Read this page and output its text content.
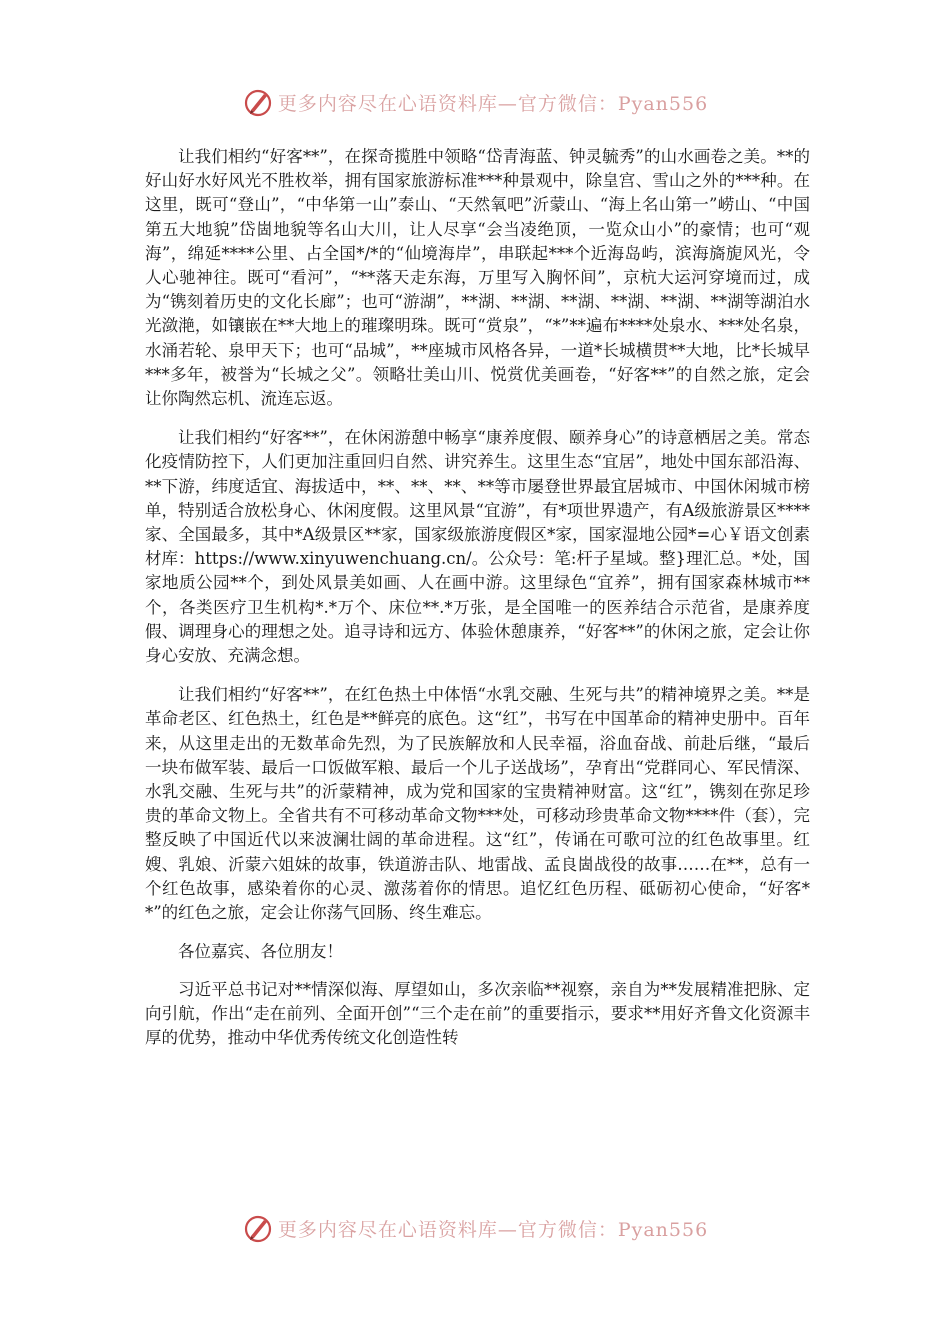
更多内容尽在心语资料库—官方微信：Pyan556

让我们相约“好客**”，在探奇揽胜中领略“岱青海蓝、钟灵毓秀”的山水画卷之美。**的好山好水好风光不胜枚举，拥有国家旅游标准***种景观中，除皇宫、雪山之外的***种。在这里，既可“登山”，“中华第一山”泰山、“天然氧吧”沂蒙山、“海上名山第一”崂山、“中国第五大地貌”岱崮地貌等名山大川，让人尽享“会当凌绝顶，一览众山小”的豪情；也可“观海”，绵延****公里、占全国*/*的“仙境海岸”，串联起***个近海岛屿，滨海旖旎风光，令人心驰神往。既可“看河”，“**落天走东海，万里写入胸怀间”，京杭大运河穿境而过，成为“镌刻着历史的文化长廊”；也可“游湖”，**湖、**湖、**湖、**湖、**湖、**湖等湖泊水光潋滟，如镶嵌在**大地上的璀璨明珠。既可“赏泉”，“*”**遍布****处泉水、***处名泉，水涌若轮、泉甲天下；也可“品城”，**座城市风格各异，一道*长城横贯**大地，比*长城早***多年，被誉为“长城之父”。领略壮美山川、悦赏优美画卷，“好客**”的自然之旅，定会让你陶然忘机、流连忘返。

让我们相约“好客**”，在休闲游憩中畅享“康养度假、颐养身心”的诗意栖居之美。常态化疫情防控下，人们更加注重回归自然、讲究养生。这里生态“宜居”，地处中国东部沿海、**下游，纬度适宜、海拔适中，**、**、**、**等市屡登世界最宜居城市、中国休闲城市榜单，特别适合放松身心、休闲度假。这里风景“宜游”，有*项世界遗产，有A级旅游景区****家、全国最多，其中*A级景区**家，国家级旅游度假区*家，国家湿地公园*=心￥语文创素材库：https://www.xinyuwenchuang.cn/。公众号：笔:杆子星域。整}理汇总。*处，国家地质公园**个，到处风景美如画、人在画中游。这里绿色“宜养”，拥有国家森林城市**个，各类医疗卫生机构*.*万个、床位**.*万张，是全国唯一的医养结合示范省，是康养度假、调理身心的理想之处。追寻诗和远方、体验休憩康养，“好客**”的休闲之旅，定会让你身心安放、充满念想。

让我们相约“好客**”，在红色热土中体悟“水乳交融、生死与共”的精神境界之美。**是革命老区、红色热土，红色是**鲜亮的底色。这“红”，书写在中国革命的精神史册中。百年来，从这里走出的无数革命先烈，为了民族解放和人民幸福，浴血奋战、前赴后继，“最后一块布做军装、最后一口饭做军粮、最后一个儿子送战场”，孕育出“党群同心、军民情深、水乳交融、生死与共”的沂蒙精神，成为党和国家的宝贵精神财富。这“红”，镌刻在弥足珍贵的革命文物上。全省共有不可移动革命文物***处，可移动珍贵革命文物****件（套），完整反映了中国近代以来波澜壮阔的革命进程。这“红”，传诵在可歌可泣的红色故事里。红嫂、乳娘、沂蒙六姐妹的故事，铁道游击队、地雷战、孟良崮战役的故事……在**，总有一个红色故事，感染着你的心灵、激荡着你的情思。追忆红色历程、砥砺初心使命，“好客**”的红色之旅，定会让你荡气回肠、终生难忘。

各位嘉宾、各位朋友！

习近平总书记对**情深似海、厚望如山，多次亲临**视察，亲自为**发展精准把脉、定向引航，作出“走在前列、全面开创”“三个走在前”的重要指示，要求**用好齐鲁文化资源丰厚的优势，推动中华优秀传统文化创造性转

更多内容尽在心语资料库—官方微信：Pyan556
